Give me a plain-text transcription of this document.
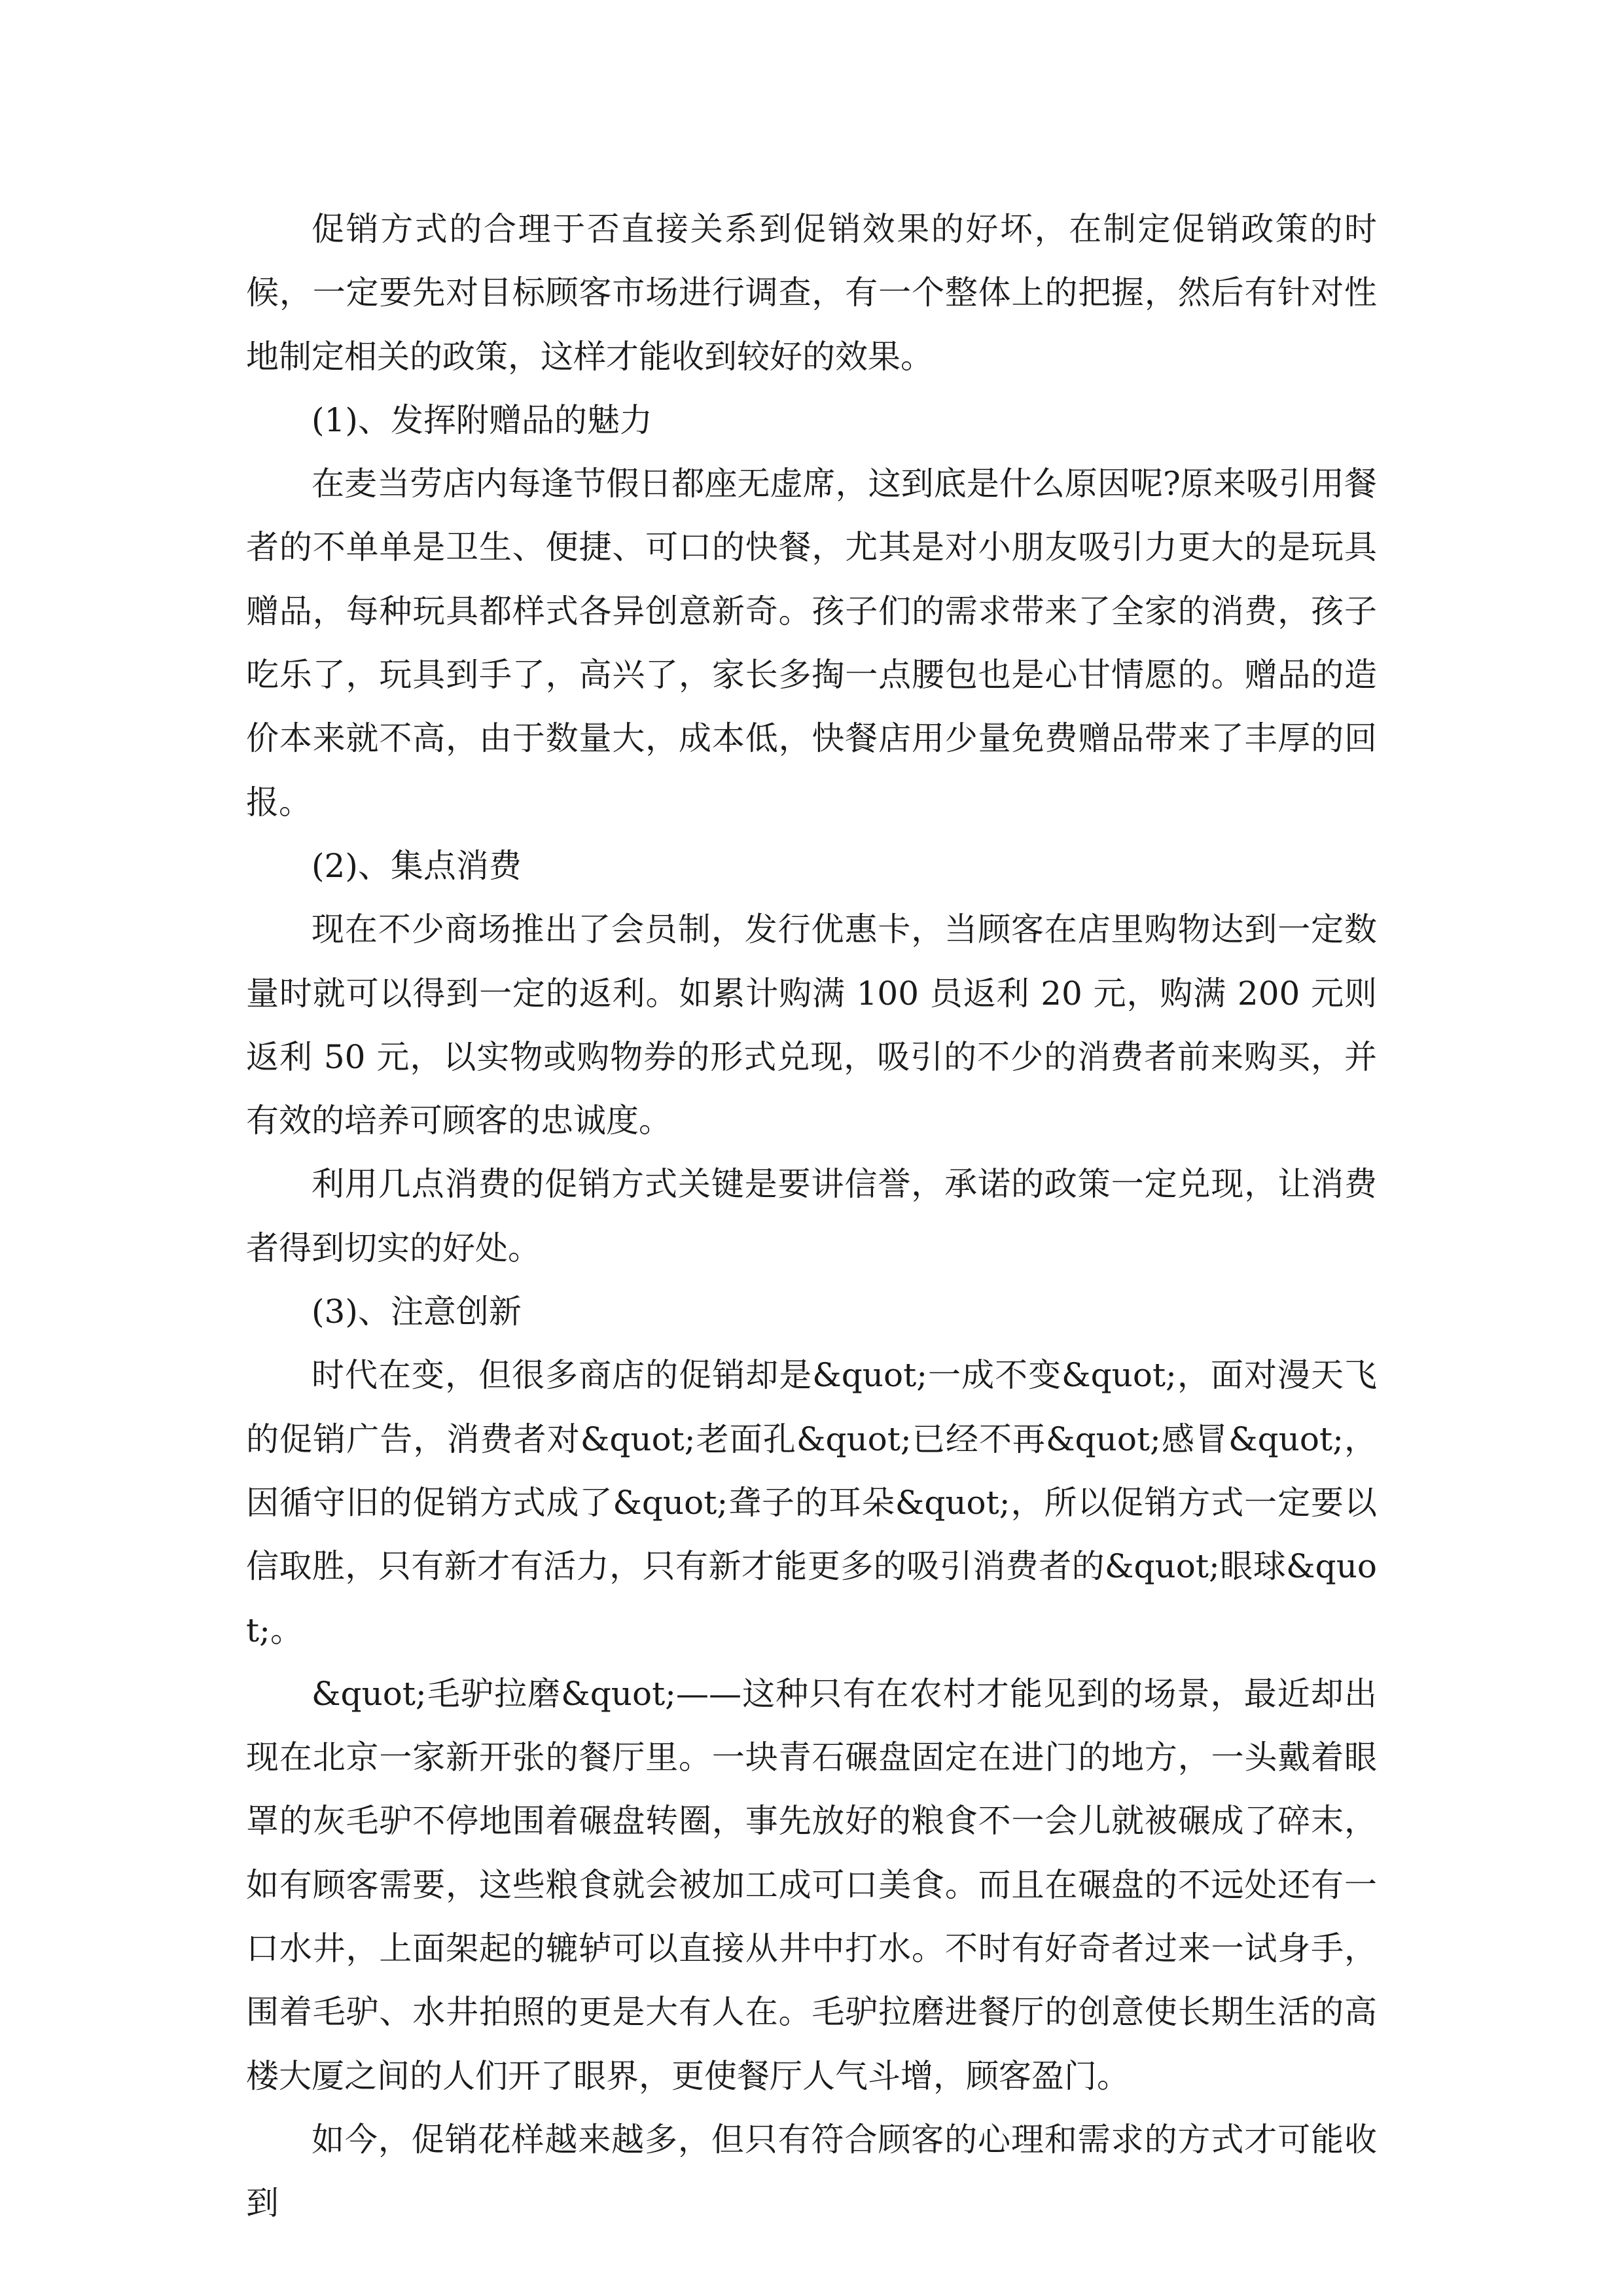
促销方式的合理于否直接关系到促销效果的好坏，在制定促销政策的时候，一定要先对目标顾客市场进行调查，有一个整体上的把握，然后有针对性地制定相关的政策，这样才能收到较好的效果。

(1)、发挥附赠品的魅力

在麦当劳店内每逢节假日都座无虚席，这到底是什么原因呢?原来吸引用餐者的不单单是卫生、便捷、可口的快餐，尤其是对小朋友吸引力更大的是玩具赠品，每种玩具都样式各异创意新奇。孩子们的需求带来了全家的消费，孩子吃乐了，玩具到手了，高兴了，家长多掏一点腰包也是心甘情愿的。赠品的造价本来就不高，由于数量大，成本低，快餐店用少量免费赠品带来了丰厚的回报。

(2)、集点消费

现在不少商场推出了会员制，发行优惠卡，当顾客在店里购物达到一定数量时就可以得到一定的返利。如累计购满 100 员返利 20 元，购满 200 元则返利 50 元，以实物或购物券的形式兑现，吸引的不少的消费者前来购买，并有效的培养可顾客的忠诚度。

利用几点消费的促销方式关键是要讲信誉，承诺的政策一定兑现，让消费者得到切实的好处。

(3)、注意创新

时代在变，但很多商店的促销却是&quot;一成不变&quot;，面对漫天飞的促销广告，消费者对&quot;老面孔&quot;已经不再&quot;感冒&quot;，因循守旧的促销方式成了&quot;聋子的耳朵&quot;，所以促销方式一定要以信取胜，只有新才有活力，只有新才能更多的吸引消费者的&quot;眼球&quot;。

&quot;毛驴拉磨&quot;——这种只有在农村才能见到的场景，最近却出现在北京一家新开张的餐厅里。一块青石碾盘固定在进门的地方，一头戴着眼罩的灰毛驴不停地围着碾盘转圈，事先放好的粮食不一会儿就被碾成了碎末，如有顾客需要，这些粮食就会被加工成可口美食。而且在碾盘的不远处还有一口水井，上面架起的辘轳可以直接从井中打水。不时有好奇者过来一试身手，围着毛驴、水井拍照的更是大有人在。毛驴拉磨进餐厅的创意使长期生活的高楼大厦之间的人们开了眼界，更使餐厅人气斗增，顾客盈门。

如今，促销花样越来越多，但只有符合顾客的心理和需求的方式才可能收到
